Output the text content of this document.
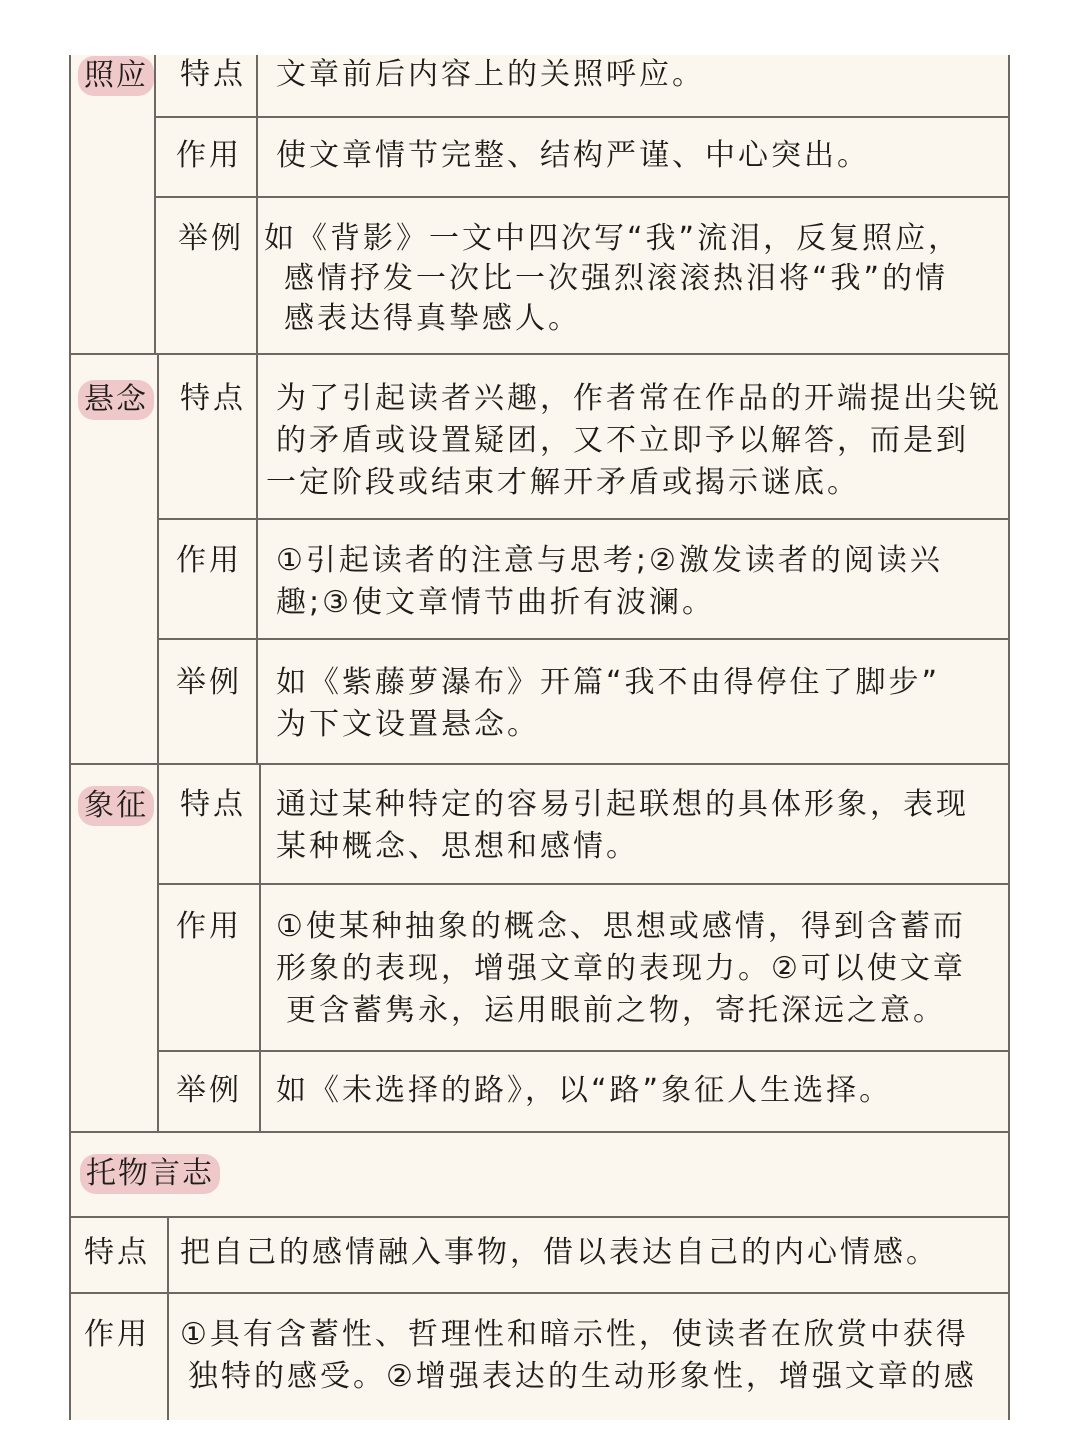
照应 特点 文章前后内容上的关照呼应。
作用 使文章情节完整、结构严谨、中心突出。
举例 如《背影》一文中四次写“我”流泪，反复照应，
感情抒发一次比一次强烈滚滚热泪将“我”的情
感表达得真挚感人。
悬念 特点 为了引起读者兴趣，作者常在作品的开端提出尖锐
的矛盾或设置疑团，又不立即予以解答，而是到
一定阶段或结束才解开矛盾或揭示谜底。
作用 ①引起读者的注意与思考;②激发读者的阅读兴
趣;③使文章情节曲折有波澜。
举例 如《紫藤萝瀑布》开篇“我不由得停住了脚步”
为下文设置悬念。
象征 特点 通过某种特定的容易引起联想的具体形象，表现
某种概念、思想和感情。
作用 ①使某种抽象的概念、思想或感情，得到含蓄而
形象的表现，增强文章的表现力。②可以使文章
更含蓄隽永，运用眼前之物，寄托深远之意。
举例 如《未选择的路》，以“路”象征人生选择。
托物言志
特点 把自己的感情融入事物，借以表达自己的内心情感。
作用 ①具有含蓄性、哲理性和暗示性，使读者在欣赏中获得
独特的感受。②增强表达的生动形象性，增强文章的感
